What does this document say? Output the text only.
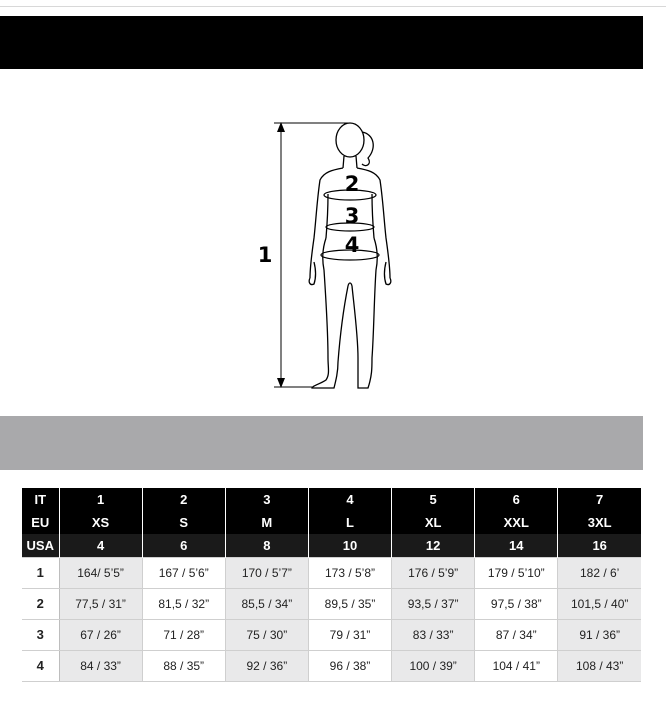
1
2
3
4
IT	1	2	3	4	5	6	7
EU	XS	S	M	L	XL	XXL	3XL
USA	4	6	8	10	12	14	16
1	164/ 5’5”	167 / 5’6”	170 / 5’7”	173 / 5’8”	176 / 5’9”	179 / 5’10”	182 / 6’
2	77,5 / 31”	81,5 / 32”	85,5 / 34”	89,5 / 35”	93,5 / 37”	97,5 / 38”	101,5 / 40”
3	67 / 26”	71 / 28”	75 / 30”	79 / 31”	83 / 33”	87 / 34”	91 / 36”
4	84 / 33”	88 / 35”	92 / 36”	96 / 38”	100 / 39”	104 / 41”	108 / 43”
